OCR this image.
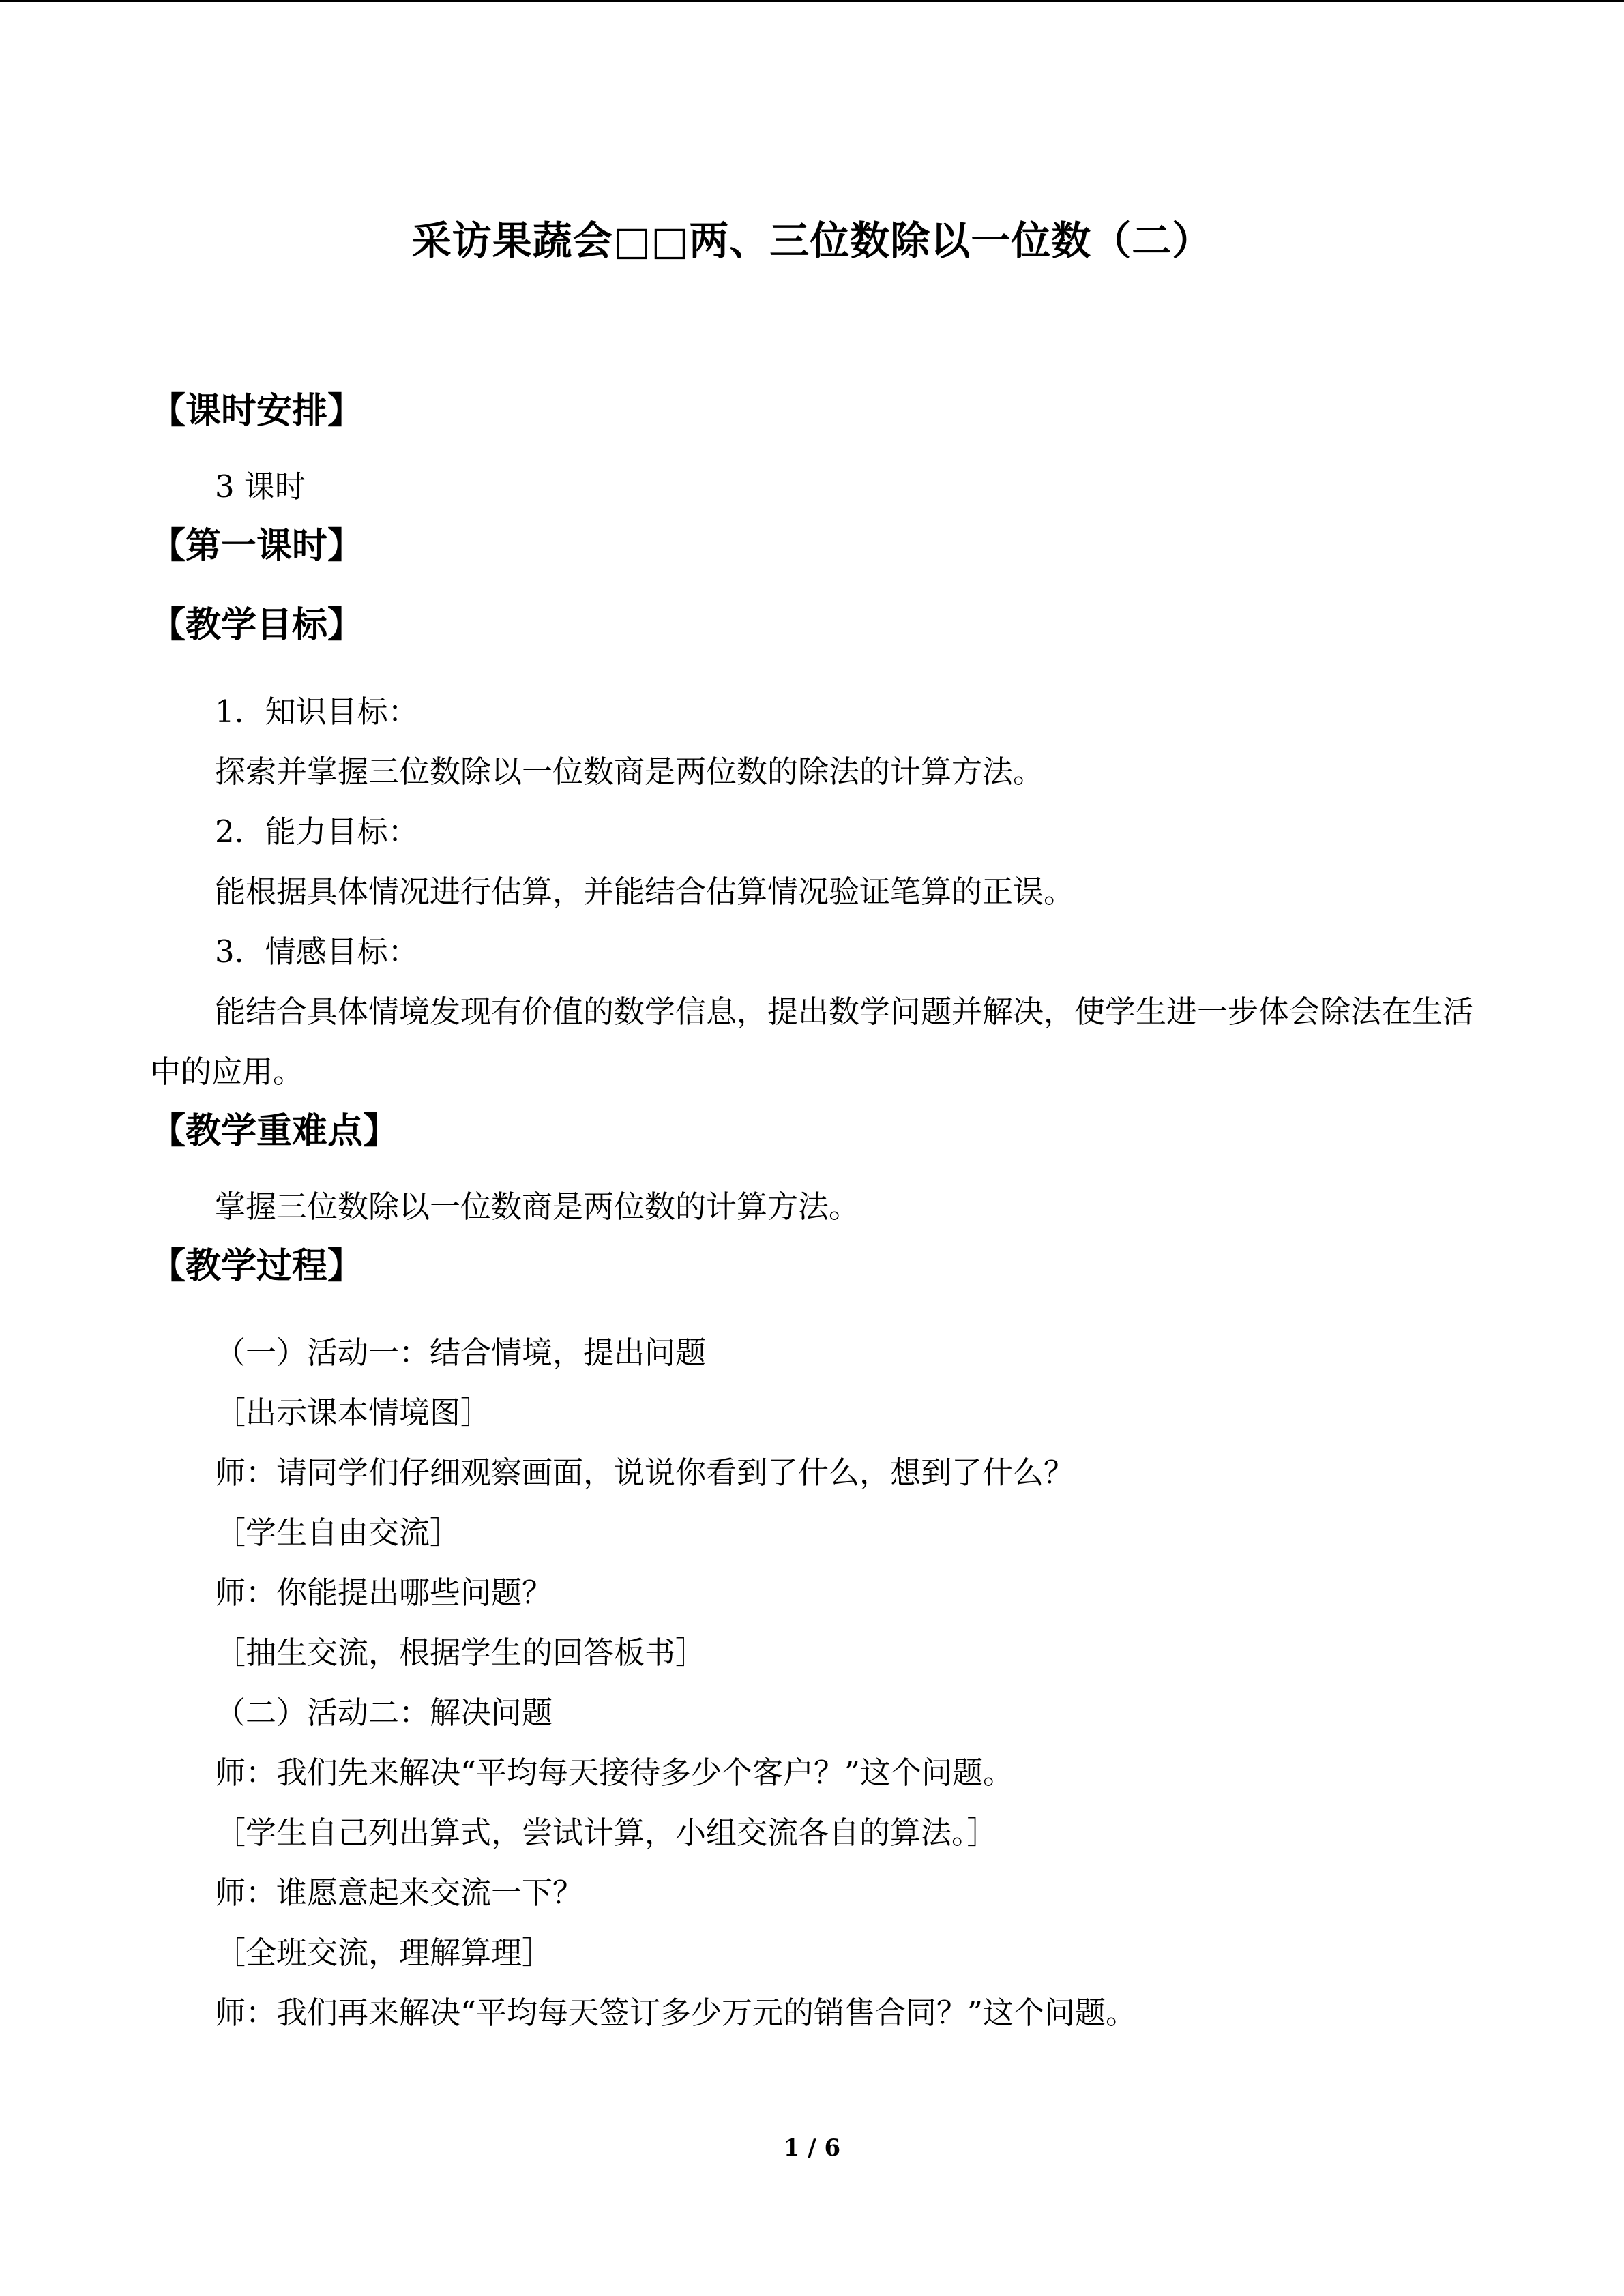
采访果蔬会□□两、三位数除以一位数（二）
【课时安排】
3 课时
【第一课时】
【教学目标】
1．知识目标：
探索并掌握三位数除以一位数商是两位数的除法的计算方法。
2．能力目标：
能根据具体情况进行估算，并能结合估算情况验证笔算的正误。
3．情感目标：
能结合具体情境发现有价值的数学信息，提出数学问题并解决，使学生进一步体会除法在生活中的应用。
【教学重难点】
掌握三位数除以一位数商是两位数的计算方法。
【教学过程】
（一）活动一：结合情境，提出问题
［出示课本情境图］
师：请同学们仔细观察画面，说说你看到了什么，想到了什么？
［学生自由交流］
师：你能提出哪些问题？
［抽生交流，根据学生的回答板书］
（二）活动二：解决问题
师：我们先来解决“平均每天接待多少个客户？”这个问题。
［学生自己列出算式，尝试计算，小组交流各自的算法。］
师：谁愿意起来交流一下？
［全班交流，理解算理］
师：我们再来解决“平均每天签订多少万元的销售合同？”这个问题。
1 / 6
